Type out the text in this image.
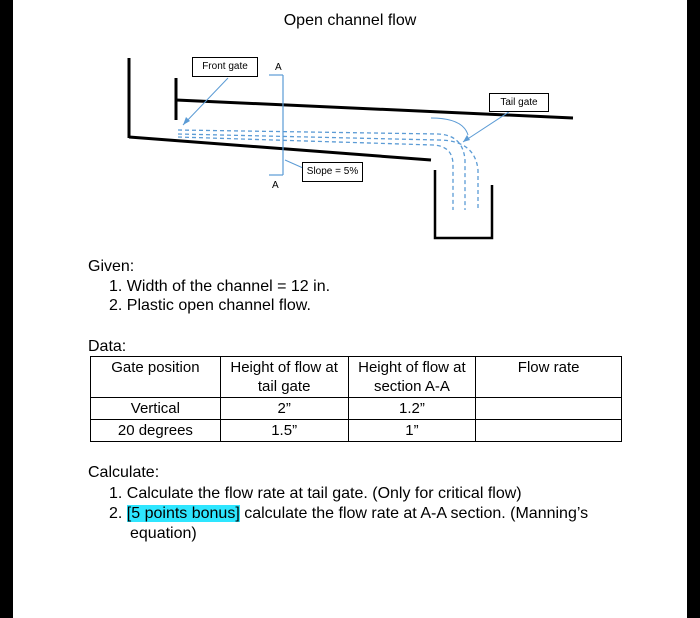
Open channel flow
Front gate	A
Tail gate
Slope = 5%
A
Given:
1. Width of the channel = 12 in.
2. Plastic open channel flow.
Data:
Gate position	Height of flow at tail gate	Height of flow at section A-A	Flow rate
Vertical	2”	1.2”	
20 degrees	1.5”	1”	
Calculate:
1. Calculate the flow rate at tail gate. (Only for critical flow)
2. [5 points bonus] calculate the flow rate at A-A section. (Manning’s
equation)
